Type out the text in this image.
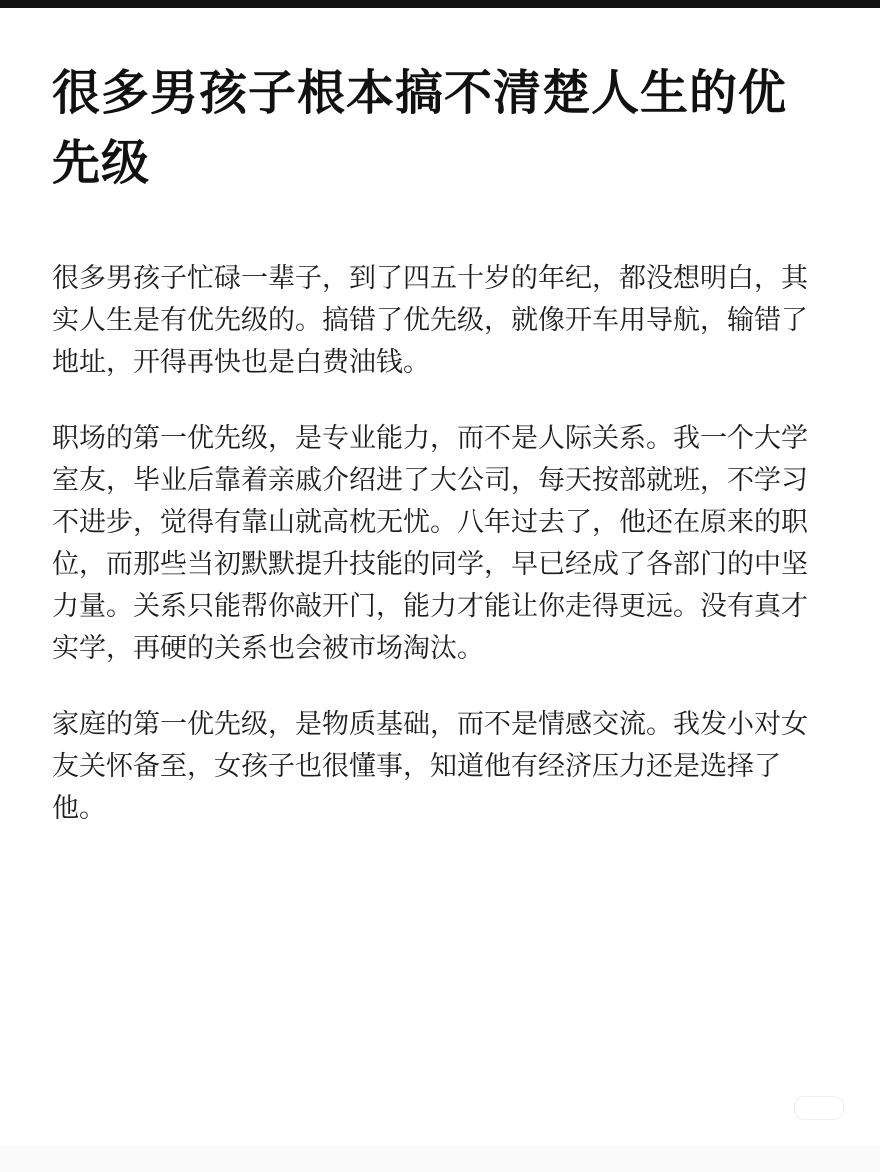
很多男孩子根本搞不清楚人生的优先级

很多男孩子忙碌一辈子，到了四五十岁的年纪，都没想明白，其实人生是有优先级的。搞错了优先级，就像开车用导航，输错了地址，开得再快也是白费油钱。

职场的第一优先级，是专业能力，而不是人际关系。我一个大学室友，毕业后靠着亲戚介绍进了大公司，每天按部就班，不学习不进步，觉得有靠山就高枕无忧。八年过去了，他还在原来的职位，而那些当初默默提升技能的同学，早已经成了各部门的中坚力量。关系只能帮你敲开门，能力才能让你走得更远。没有真才实学，再硬的关系也会被市场淘汰。

家庭的第一优先级，是物质基础，而不是情感交流。我发小对女友关怀备至，女孩子也很懂事，知道他有经济压力还是选择了他。
